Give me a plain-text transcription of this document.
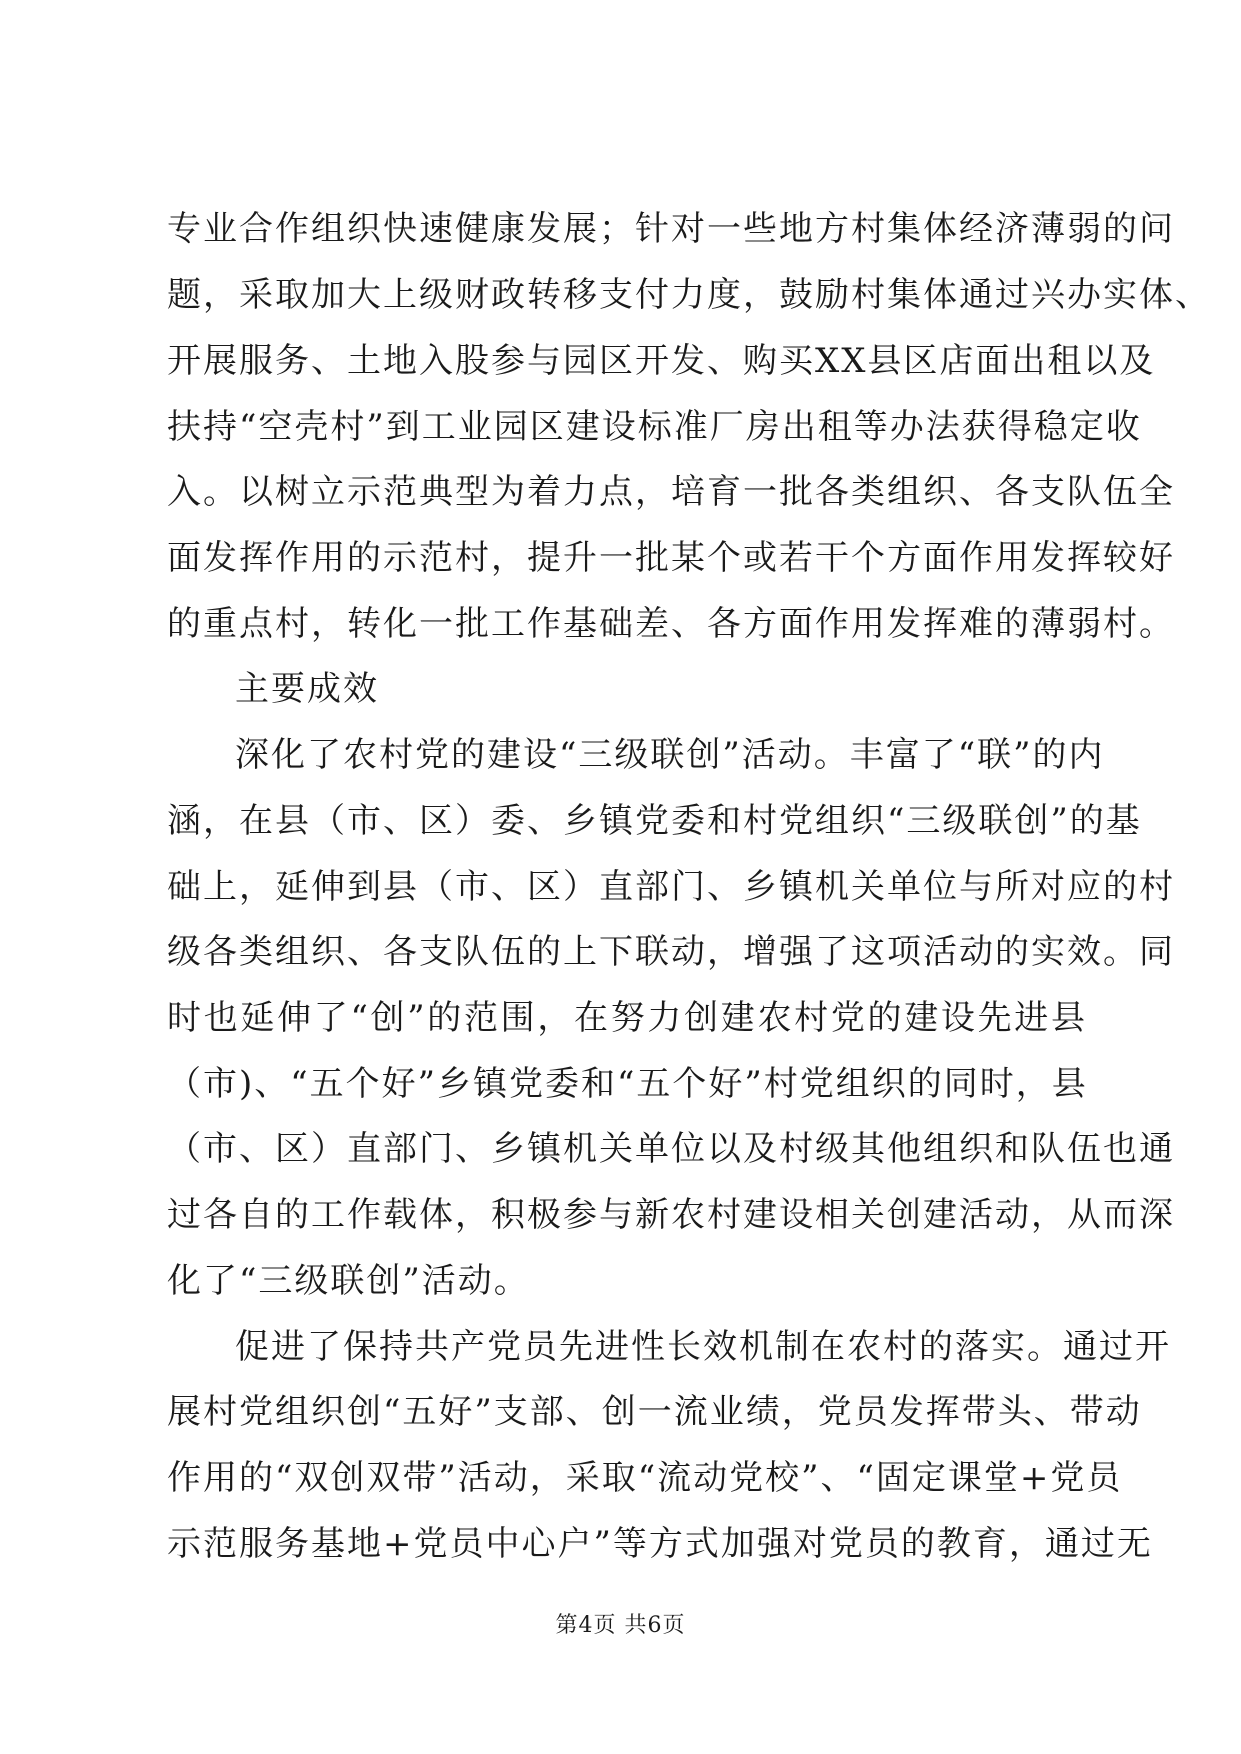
专业合作组织快速健康发展；针对一些地方村集体经济薄弱的问
题，采取加大上级财政转移支付力度，鼓励村集体通过兴办实体、
开展服务、土地入股参与园区开发、购买XX县区店面出租以及
扶持“空壳村”到工业园区建设标准厂房出租等办法获得稳定收
入。以树立示范典型为着力点，培育一批各类组织、各支队伍全
面发挥作用的示范村，提升一批某个或若干个方面作用发挥较好
的重点村，转化一批工作基础差、各方面作用发挥难的薄弱村。
主要成效
深化了农村党的建设“三级联创”活动。丰富了“联”的内
涵，在县（市、区）委、乡镇党委和村党组织“三级联创”的基
础上，延伸到县（市、区）直部门、乡镇机关单位与所对应的村
级各类组织、各支队伍的上下联动，增强了这项活动的实效。同
时也延伸了“创”的范围，在努力创建农村党的建设先进县
（市)、“五个好”乡镇党委和“五个好”村党组织的同时，县
（市、区）直部门、乡镇机关单位以及村级其他组织和队伍也通
过各自的工作载体，积极参与新农村建设相关创建活动，从而深
化了“三级联创”活动。
促进了保持共产党员先进性长效机制在农村的落实。通过开
展村党组织创“五好”支部、创一流业绩，党员发挥带头、带动
作用的“双创双带”活动，采取“流动党校”、“固定课堂+党员
示范服务基地+党员中心户”等方式加强对党员的教育，通过无
第4页 共6页
